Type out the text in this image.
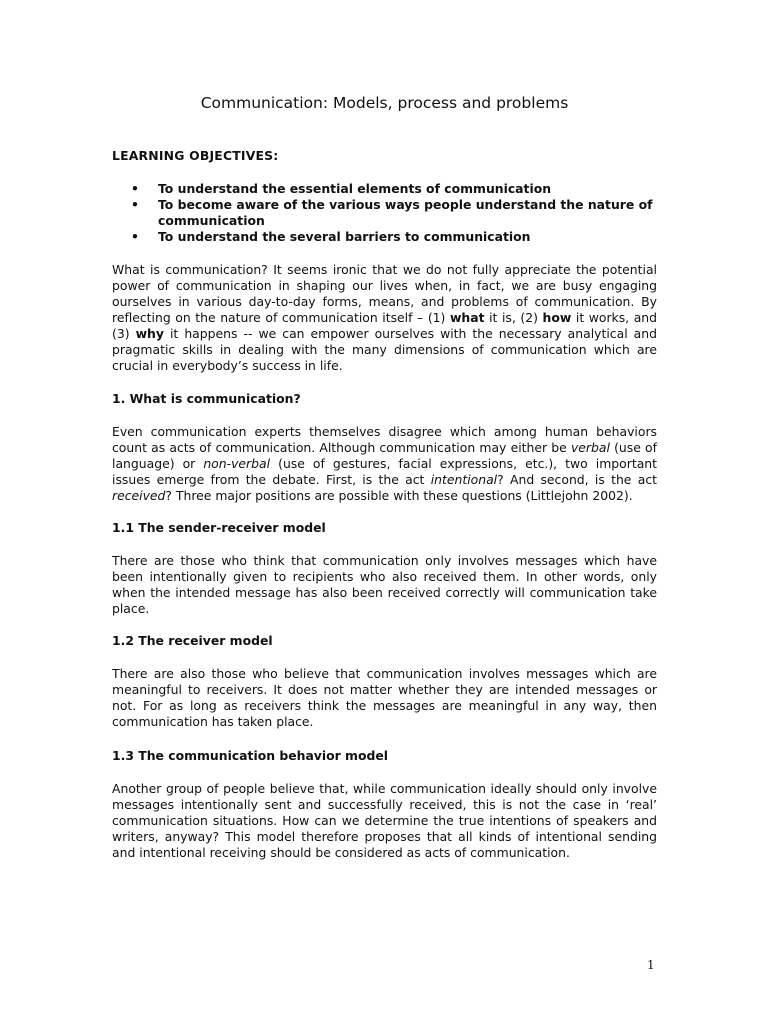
Communication: Models, process and problems

LEARNING OBJECTIVES:

• To understand the essential elements of communication
• To become aware of the various ways people understand the nature of communication
• To understand the several barriers to communication

What is communication? It seems ironic that we do not fully appreciate the potential power of communication in shaping our lives when, in fact, we are busy engaging ourselves in various day-to-day forms, means, and problems of communication. By reflecting on the nature of communication itself – (1) what it is, (2) how it works, and (3) why it happens -- we can empower ourselves with the necessary analytical and pragmatic skills in dealing with the many dimensions of communication which are crucial in everybody’s success in life.

1. What is communication?

Even communication experts themselves disagree which among human behaviors count as acts of communication. Although communication may either be verbal (use of language) or non-verbal (use of gestures, facial expressions, etc.), two important issues emerge from the debate. First, is the act intentional? And second, is the act received? Three major positions are possible with these questions (Littlejohn 2002).

1.1 The sender-receiver model

There are those who think that communication only involves messages which have been intentionally given to recipients who also received them. In other words, only when the intended message has also been received correctly will communication take place.

1.2 The receiver model

There are also those who believe that communication involves messages which are meaningful to receivers. It does not matter whether they are intended messages or not. For as long as receivers think the messages are meaningful in any way, then communication has taken place.

1.3 The communication behavior model

Another group of people believe that, while communication ideally should only involve messages intentionally sent and successfully received, this is not the case in ‘real’ communication situations. How can we determine the true intentions of speakers and writers, anyway? This model therefore proposes that all kinds of intentional sending and intentional receiving should be considered as acts of communication.

1
